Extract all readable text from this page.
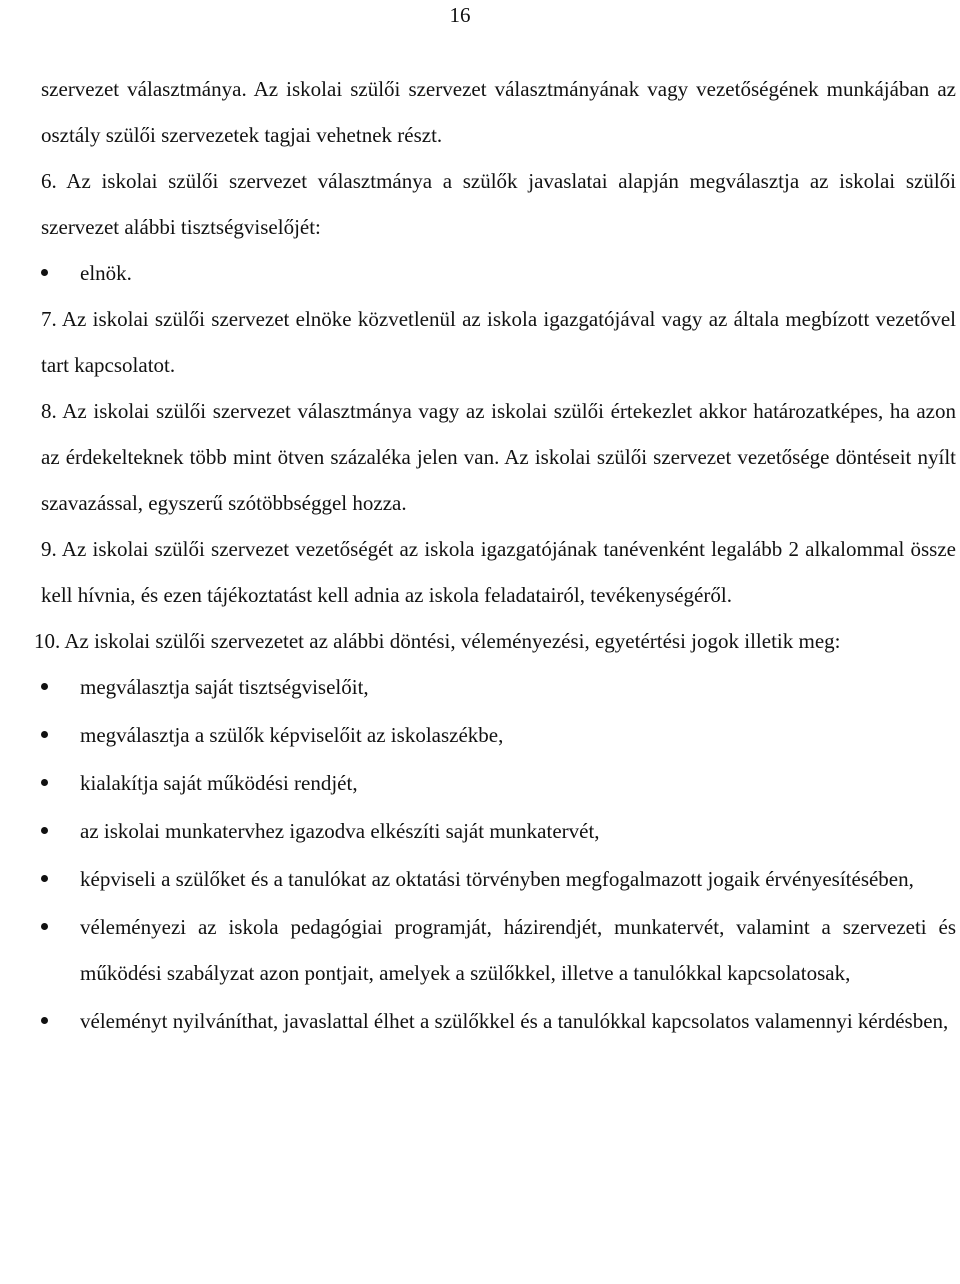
16

szervezet választmánya. Az iskolai szülői szervezet választmányának vagy vezetőségének munkájában az osztály szülői szervezetek tagjai vehetnek részt.

6. Az iskolai szülői szervezet választmánya a szülők javaslatai alapján megválasztja az iskolai szülői szervezet alábbi tisztségviselőjét:

elnök.

7. Az iskolai szülői szervezet elnöke közvetlenül az iskola igazgatójával vagy az általa megbízott vezetővel tart kapcsolatot.

8. Az iskolai szülői szervezet választmánya vagy az iskolai szülői értekezlet akkor határozatképes, ha azon az érdekelteknek több mint ötven százaléka jelen van. Az iskolai szülői szervezet vezetősége döntéseit nyílt szavazással, egyszerű szótöbbséggel hozza.

9. Az iskolai szülői szervezet vezetőségét az iskola igazgatójának tanévenként legalább 2 alkalommal össze kell hívnia, és ezen tájékoztatást kell adnia az iskola feladatairól, tevékenységéről.

10. Az iskolai szülői szervezetet az alábbi döntési, véleményezési, egyetértési jogok illetik meg:

megválasztja saját tisztségviselőit,
megválasztja a szülők képviselőit az iskolaszékbe,
kialakítja saját működési rendjét,
az iskolai munkatervhez igazodva elkészíti saját munkatervét,
képviseli a szülőket és a tanulókat az oktatási törvényben megfogalmazott jogaik érvényesítésében,
véleményezi az iskola pedagógiai programját, házirendjét, munkatervét, valamint a szervezeti és működési szabályzat azon pontjait, amelyek a szülőkkel, illetve a tanulókkal kapcsolatosak,
véleményt nyilváníthat, javaslattal élhet a szülőkkel és a tanulókkal kapcsolatos valamennyi kérdésben,
